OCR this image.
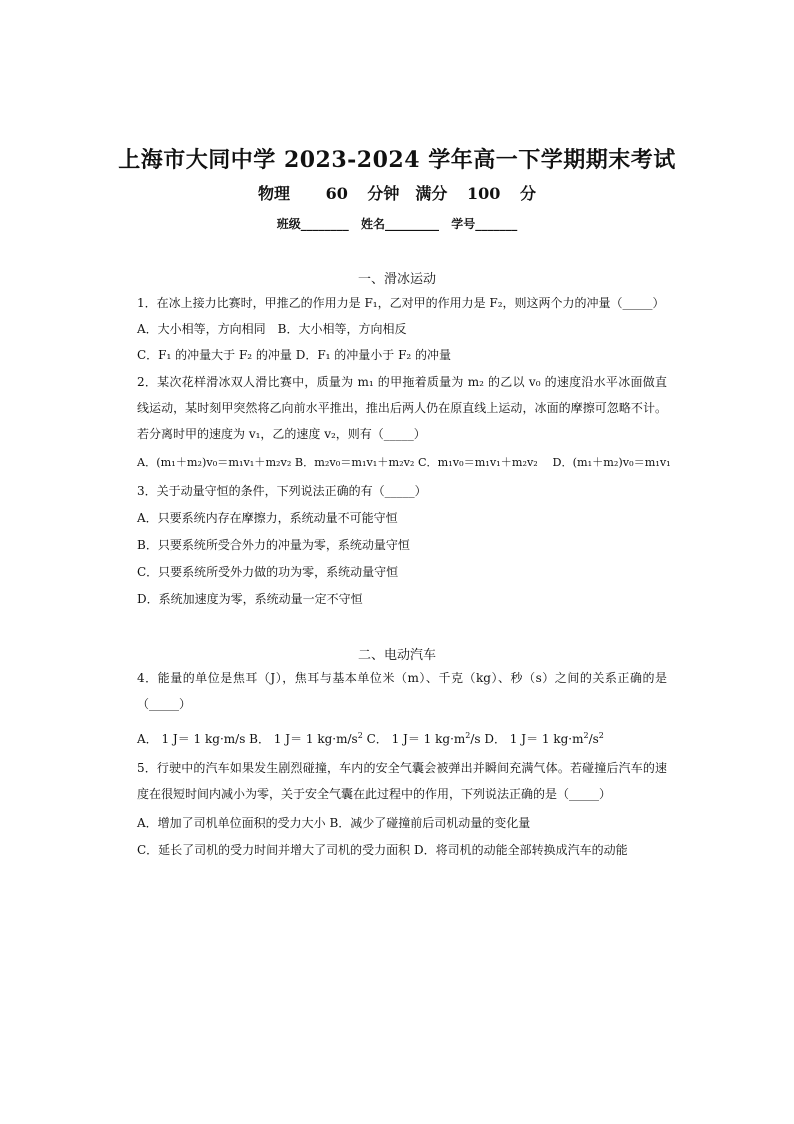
上海市大同中学 2023-2024 学年高一下学期期末考试
物理　 60 分钟　满分 100 分
班级________ 姓名_________ 学号_______
一、滑冰运动
1．在冰上接力比赛时，甲推乙的作用力是 F₁，乙对甲的作用力是 F₂，则这两个力的冲量（_____）
A．大小相等，方向相同　B．大小相等，方向相反
C．F₁ 的冲量大于 F₂ 的冲量 D．F₁ 的冲量小于 F₂ 的冲量
2．某次花样滑冰双人滑比赛中，质量为 m₁ 的甲拖着质量为 m₂ 的乙以 v₀ 的速度沿水平冰面做直线运动，某时刻甲突然将乙向前水平推出，推出后两人仍在原直线上运动，冰面的摩擦可忽略不计。若分离时甲的速度为 v₁，乙的速度 v₂，则有（_____）
A．(m₁＋m₂)v₀＝m₁v₁＋m₂v₂ B．m₂v₀＝m₁v₁＋m₂v₂ C．m₁v₀＝m₁v₁＋m₂v₂　 D．(m₁＋m₂)v₀＝m₁v₁
3．关于动量守恒的条件，下列说法正确的有（_____）
A．只要系统内存在摩擦力，系统动量不可能守恒
B．只要系统所受合外力的冲量为零，系统动量守恒
C．只要系统所受外力做的功为零，系统动量守恒
D．系统加速度为零，系统动量一定不守恒
二、电动汽车
4．能量的单位是焦耳（J），焦耳与基本单位米（m）、千克（kg）、秒（s）之间的关系正确的是（_____）
A． 1 J＝ 1 kg·m/s B． 1 J＝ 1 $kg\cdot m/s^2$ C． 1 J＝ 1 $kg\cdot m^2/s$ D． 1 J＝ 1 $kg\cdot m^2/s^2$
5．行驶中的汽车如果发生剧烈碰撞，车内的安全气囊会被弹出并瞬间充满气体。若碰撞后汽车的速度在很短时间内减小为零，关于安全气囊在此过程中的作用，下列说法正确的是（_____）
A．增加了司机单位面积的受力大小 B．减少了碰撞前后司机动量的变化量
C．延长了司机的受力时间并增大了司机的受力面积 D．将司机的动能全部转换成汽车的动能
